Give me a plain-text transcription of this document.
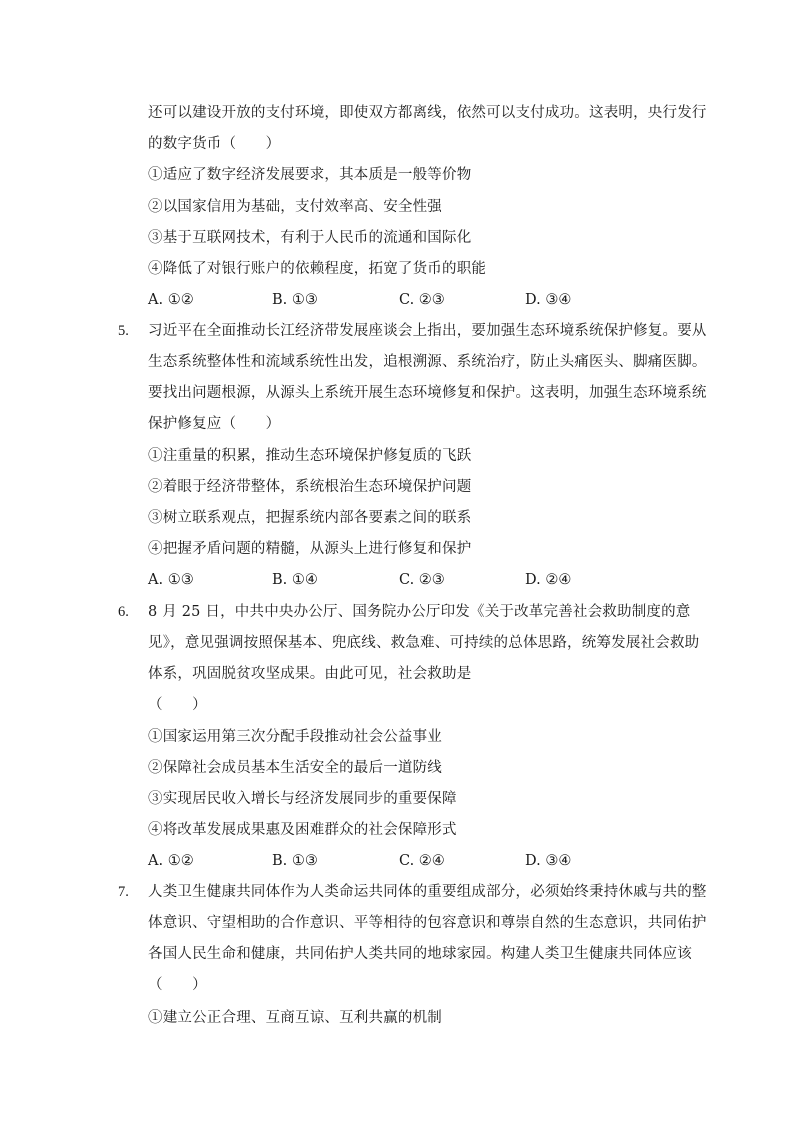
还可以建设开放的支付环境，即使双方都离线，依然可以支付成功。这表明，央行发行
的数字货币（　　）
①适应了数字经济发展要求，其本质是一般等价物
②以国家信用为基础，支付效率高、安全性强
③基于互联网技术，有利于人民币的流通和国际化
④降低了对银行账户的依赖程度，拓宽了货币的职能
A. ①②	B. ①③	C. ②③	D. ③④
5. 习近平在全面推动长江经济带发展座谈会上指出，要加强生态环境系统保护修复。要从
生态系统整体性和流域系统性出发，追根溯源、系统治疗，防止头痛医头、脚痛医脚。
要找出问题根源，从源头上系统开展生态环境修复和保护。这表明，加强生态环境系统
保护修复应（　　）
①注重量的积累，推动生态环境保护修复质的飞跃
②着眼于经济带整体，系统根治生态环境保护问题
③树立联系观点，把握系统内部各要素之间的联系
④把握矛盾问题的精髓，从源头上进行修复和保护
A. ①③	B. ①④	C. ②③	D. ②④
6. 8 月 25 日，中共中央办公厅、国务院办公厅印发《关于改革完善社会救助制度的意
见》，意见强调按照保基本、兜底线、救急难、可持续的总体思路，统筹发展社会救助
体系，巩固脱贫攻坚成果。由此可见，社会救助是
（　　）
①国家运用第三次分配手段推动社会公益事业
②保障社会成员基本生活安全的最后一道防线
③实现居民收入增长与经济发展同步的重要保障
④将改革发展成果惠及困难群众的社会保障形式
A. ①②	B. ①③	C. ②④	D. ③④
7. 人类卫生健康共同体作为人类命运共同体的重要组成部分，必须始终秉持休戚与共的整
体意识、守望相助的合作意识、平等相待的包容意识和尊崇自然的生态意识，共同佑护
各国人民生命和健康，共同佑护人类共同的地球家园。构建人类卫生健康共同体应该
（　　）
①建立公正合理、互商互谅、互利共赢的机制
